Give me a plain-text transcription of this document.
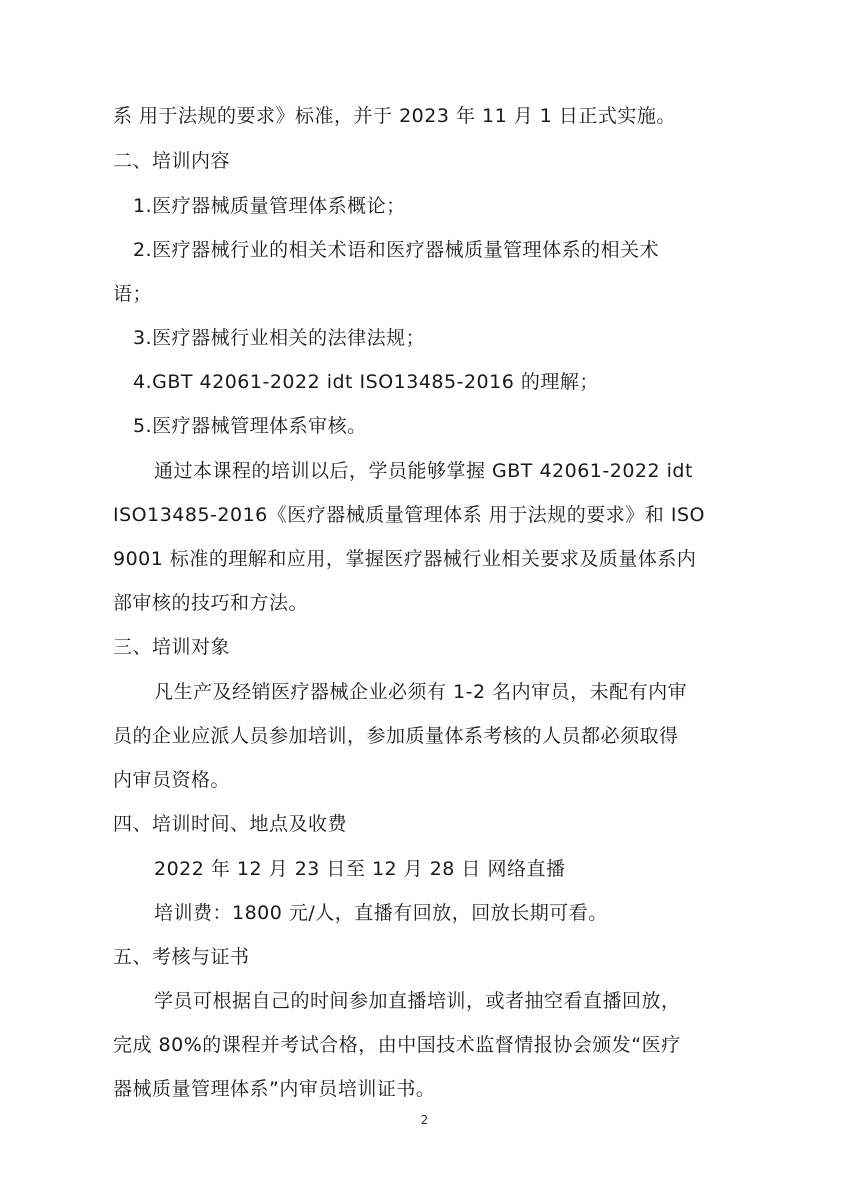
系 用于法规的要求》标准，并于 2023 年 11 月 1 日正式实施。
二、培训内容
1.医疗器械质量管理体系概论；
2.医疗器械行业的相关术语和医疗器械质量管理体系的相关术
语；
3.医疗器械行业相关的法律法规；
4.GBT 42061-2022 idt ISO13485-2016 的理解；
5.医疗器械管理体系审核。
通过本课程的培训以后，学员能够掌握 GBT 42061-2022 idt
ISO13485-2016《医疗器械质量管理体系 用于法规的要求》和 ISO
9001 标准的理解和应用，掌握医疗器械行业相关要求及质量体系内
部审核的技巧和方法。
三、培训对象
凡生产及经销医疗器械企业必须有 1-2 名内审员，未配有内审
员的企业应派人员参加培训，参加质量体系考核的人员都必须取得
内审员资格。
四、培训时间、地点及收费
2022 年 12 月 23 日至 12 月 28 日 网络直播
培训费：1800 元/人，直播有回放，回放长期可看。
五、考核与证书
学员可根据自己的时间参加直播培训，或者抽空看直播回放，
完成 80%的课程并考试合格，由中国技术监督情报协会颁发“医疗
器械质量管理体系”内审员培训证书。
2
